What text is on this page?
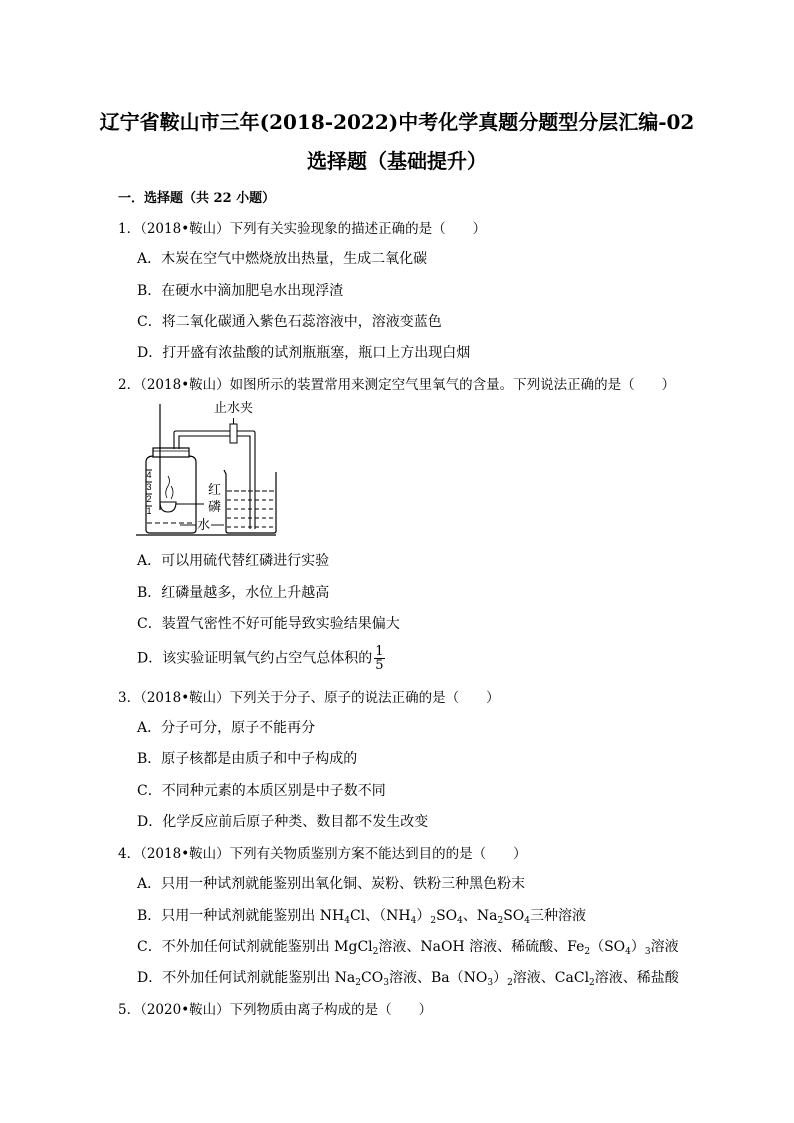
辽宁省鞍山市三年(2018-2022)中考化学真题分题型分层汇编-02
选择题（基础提升）
一．选择题（共 22 小题）
1．（2018•鞍山）下列有关实验现象的描述正确的是（　　）
A．木炭在空气中燃烧放出热量，生成二氧化碳
B．在硬水中滴加肥皂水出现浮渣
C．将二氧化碳通入紫色石蕊溶液中，溶液变蓝色
D．打开盛有浓盐酸的试剂瓶瓶塞，瓶口上方出现白烟
2．（2018•鞍山）如图所示的装置常用来测定空气里氧气的含量。下列说法正确的是（　　）
4
3
2
1
止水夹
红
磷
水
A．可以用硫代替红磷进行实验
B．红磷量越多，水位上升越高
C．装置气密性不好可能导致实验结果偏大
D．该实验证明氧气约占空气总体积的 $\frac{1}{5}$
3．（2018•鞍山）下列关于分子、原子的说法正确的是（　　）
A．分子可分，原子不能再分
B．原子核都是由质子和中子构成的
C．不同种元素的本质区别是中子数不同
D．化学反应前后原子种类、数目都不发生改变
4．（2018•鞍山）下列有关物质鉴别方案不能达到目的的是（　　）
A．只用一种试剂就能鉴别出氧化铜、炭粉、铁粉三种黑色粉末
B．只用一种试剂就能鉴别出 $NH_4Cl$、$(NH_4)_2SO_4$、$Na_2SO_4$三种溶液
C．不外加任何试剂就能鉴别出 MgCl$_2$溶液、NaOH 溶液、稀硫酸、$Fe_2(SO_4)_3$溶液
D．不外加任何试剂就能鉴别出 $Na_2CO_3$溶液、$Ba(NO_3)_2$溶液、CaCl$_2$溶液、稀盐酸
5．（2020•鞍山）下列物质由离子构成的是（　　）
